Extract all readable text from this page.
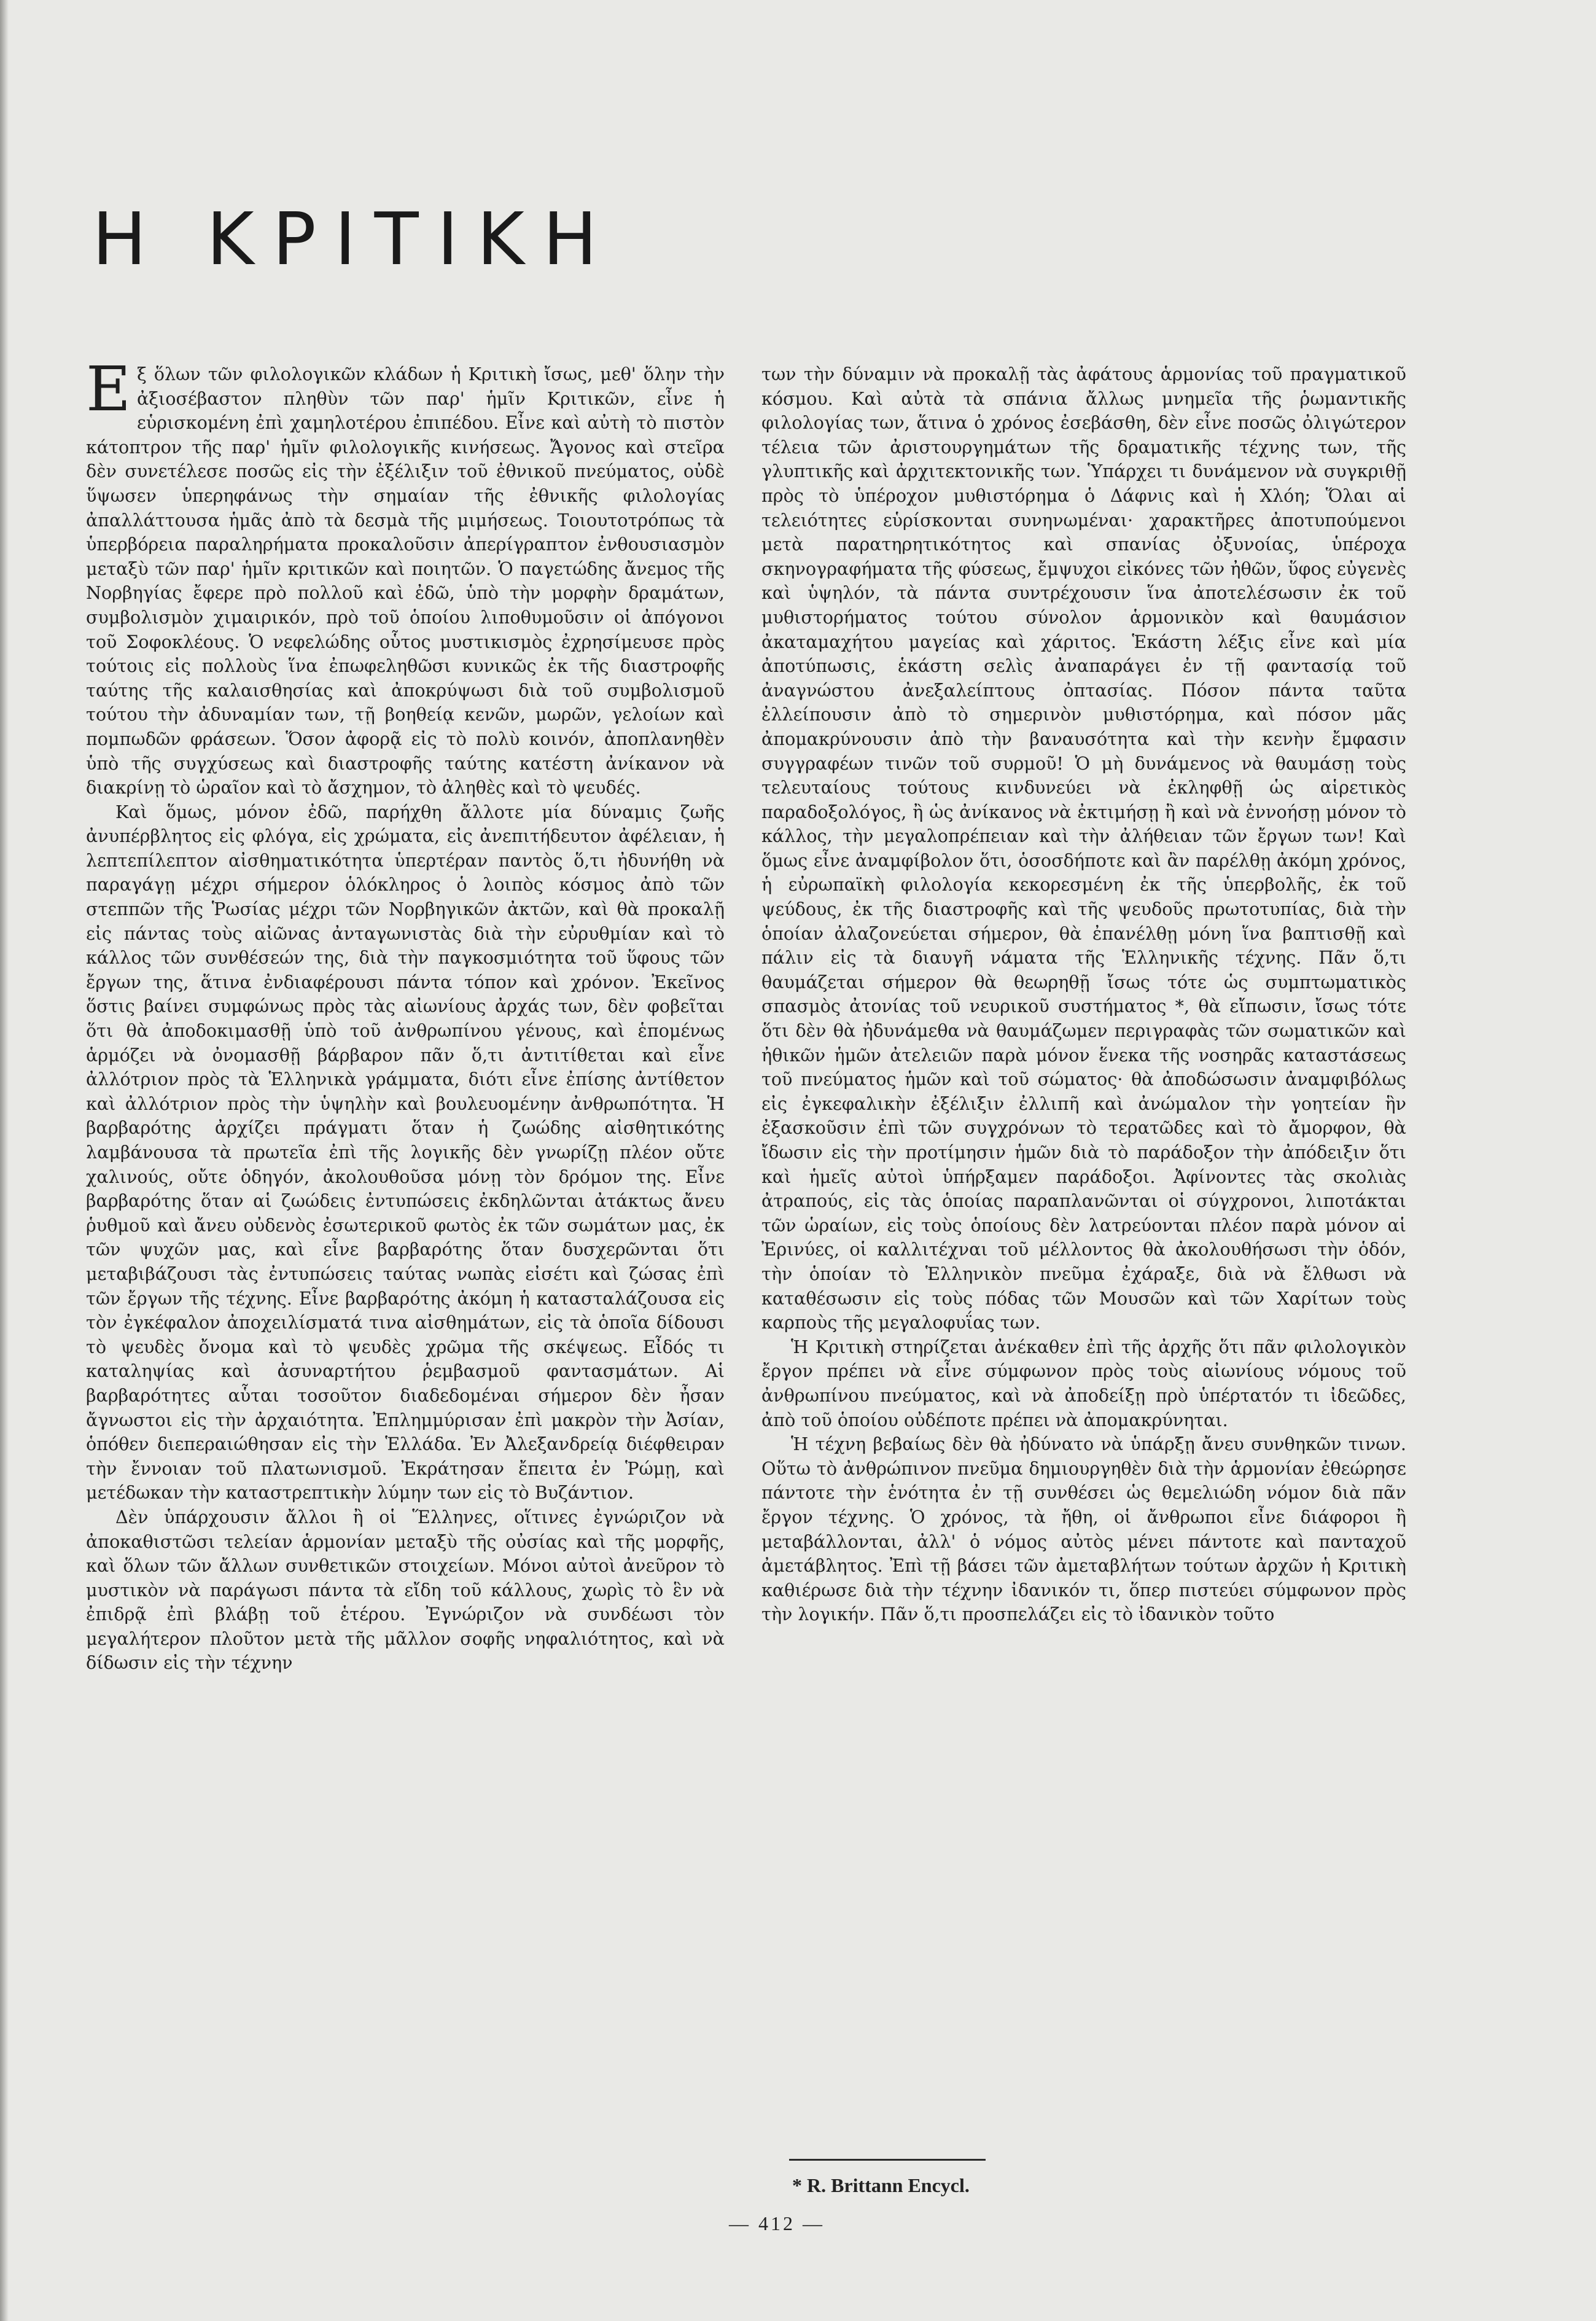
Η ΚΡΙΤΙΚΗ

Εξ ὅλων τῶν φιλολογικῶν κλάδων ἡ Κριτικὴ ἴσως, μεθ' ὅλην τὴν ἀξιοσέβαστον πληθὺν τῶν παρ' ἡμῖν Κριτικῶν, εἶνε ἡ εὑρισκομένη ἐπὶ χαμηλοτέρου ἐπιπέδου. Εἶνε καὶ αὐτὴ τὸ πιστὸν κάτοπτρον τῆς παρ' ἡμῖν φιλολογικῆς κινήσεως. Ἄγονος καὶ στεῖρα δὲν συνετέλεσε ποσῶς εἰς τὴν ἐξέλιξιν τοῦ ἐθνικοῦ πνεύματος, οὐδὲ ὕψωσεν ὑπερηφάνως τὴν σημαίαν τῆς ἐθνικῆς φιλολογίας ἀπαλλάττουσα ἡμᾶς ἀπὸ τὰ δεσμὰ τῆς μιμήσεως. Τοιουτοτρόπως τὰ ὑπερβόρεια παραληρήματα προκαλοῦσιν ἀπερίγραπτον ἐνθουσιασμὸν μεταξὺ τῶν παρ' ἡμῖν κριτικῶν καὶ ποιητῶν. Ὁ παγετώδης ἄνεμος τῆς Νορβηγίας ἔφερε πρὸ πολλοῦ καὶ ἐδῶ, ὑπὸ τὴν μορφὴν δραμάτων, συμβολισμὸν χιμαιρικόν, πρὸ τοῦ ὁποίου λιποθυμοῦσιν οἱ ἀπόγονοι τοῦ Σοφοκλέους. Ὁ νεφελώδης οὗτος μυστικισμὸς ἐχρησίμευσε πρὸς τούτοις εἰς πολλοὺς ἵνα ἐπωφεληθῶσι κυνικῶς ἐκ τῆς διαστροφῆς ταύτης τῆς καλαισθησίας καὶ ἀποκρύψωσι διὰ τοῦ συμβολισμοῦ τούτου τὴν ἀδυναμίαν των, τῇ βοηθείᾳ κενῶν, μωρῶν, γελοίων καὶ πομπωδῶν φράσεων. Ὅσον ἀφορᾷ εἰς τὸ πολὺ κοινόν, ἀποπλανηθὲν ὑπὸ τῆς συγχύσεως καὶ διαστροφῆς ταύτης κατέστη ἀνίκανον νὰ διακρίνῃ τὸ ὡραῖον καὶ τὸ ἄσχημον, τὸ ἀληθὲς καὶ τὸ ψευδές.

Καὶ ὅμως, μόνον ἐδῶ, παρήχθη ἄλλοτε μία δύναμις ζωῆς ἀνυπέρβλητος εἰς φλόγα, εἰς χρώματα, εἰς ἀνεπιτήδευτον ἀφέλειαν, ἡ λεπτεπίλεπτον αἰσθηματικότητα ὑπερτέραν παντὸς ὅ,τι ἠδυνήθη νὰ παραγάγῃ μέχρι σήμερον ὁλόκληρος ὁ λοιπὸς κόσμος ἀπὸ τῶν στεππῶν τῆς Ῥωσίας μέχρι τῶν Νορβηγικῶν ἀκτῶν, καὶ θὰ προκαλῇ εἰς πάντας τοὺς αἰῶνας ἀνταγωνιστὰς διὰ τὴν εὐρυθμίαν καὶ τὸ κάλλος τῶν συνθέσεών της, διὰ τὴν παγκοσμιότητα τοῦ ὕφους τῶν ἔργων της, ἅτινα ἐνδιαφέρουσι πάντα τόπον καὶ χρόνον. Ἐκεῖνος ὅστις βαίνει συμφώνως πρὸς τὰς αἰωνίους ἀρχάς των, δὲν φοβεῖται ὅτι θὰ ἀποδοκιμασθῇ ὑπὸ τοῦ ἀνθρωπίνου γένους, καὶ ἑπομένως ἁρμόζει νὰ ὀνομασθῇ βάρβαρον πᾶν ὅ,τι ἀντιτίθεται καὶ εἶνε ἀλλότριον πρὸς τὰ Ἑλληνικὰ γράμματα, διότι εἶνε ἐπίσης ἀντίθετον καὶ ἀλλότριον πρὸς τὴν ὑψηλὴν καὶ βουλευομένην ἀνθρωπότητα. Ἡ βαρβαρότης ἀρχίζει πράγματι ὅταν ἡ ζωώδης αἰσθητικότης λαμβάνουσα τὰ πρωτεῖα ἐπὶ τῆς λογικῆς δὲν γνωρίζῃ πλέον οὔτε χαλινούς, οὔτε ὁδηγόν, ἀκολουθοῦσα μόνῃ τὸν δρόμον της. Εἶνε βαρβαρότης ὅταν αἱ ζωώδεις ἐντυπώσεις ἐκδηλῶνται ἀτάκτως ἄνευ ῥυθμοῦ καὶ ἄνευ οὐδενὸς ἐσωτερικοῦ φωτὸς ἐκ τῶν σωμάτων μας, ἐκ τῶν ψυχῶν μας, καὶ εἶνε βαρβαρότης ὅταν δυσχερῶνται ὅτι μεταβιβάζουσι τὰς ἐντυπώσεις ταύτας νωπὰς εἰσέτι καὶ ζώσας ἐπὶ τῶν ἔργων τῆς τέχνης. Εἶνε βαρβαρότης ἀκόμη ἡ κατασταλάζουσα εἰς τὸν ἐγκέφαλον ἀποχειλίσματά τινα αἰσθημάτων, εἰς τὰ ὁποῖα δίδουσι τὸ ψευδὲς ὄνομα καὶ τὸ ψευδὲς χρῶμα τῆς σκέψεως. Εἶδός τι καταληψίας καὶ ἀσυναρτήτου ῥεμβασμοῦ φαντασμάτων. Αἱ βαρβαρότητες αὗται τοσοῦτον διαδεδομέναι σήμερον δὲν ἦσαν ἄγνωστοι εἰς τὴν ἀρχαιότητα. Ἐπλημμύρισαν ἐπὶ μακρὸν τὴν Ἀσίαν, ὁπόθεν διεπεραιώθησαν εἰς τὴν Ἑλλάδα. Ἐν Ἀλεξανδρείᾳ διέφθειραν τὴν ἔννοιαν τοῦ πλατωνισμοῦ. Ἐκράτησαν ἔπειτα ἐν Ῥώμῃ, καὶ μετέδωκαν τὴν καταστρεπτικὴν λύμην των εἰς τὸ Βυζάντιον.

Δὲν ὑπάρχουσιν ἄλλοι ἢ οἱ Ἕλληνες, οἵτινες ἐγνώριζον νὰ ἀποκαθιστῶσι τελείαν ἁρμονίαν μεταξὺ τῆς οὐσίας καὶ τῆς μορφῆς, καὶ ὅλων τῶν ἄλλων συνθετικῶν στοιχείων. Μόνοι αὐτοὶ ἀνεῦρον τὸ μυστικὸν νὰ παράγωσι πάντα τὰ εἴδη τοῦ κάλλους, χωρὶς τὸ ἓν νὰ ἐπιδρᾷ ἐπὶ βλάβῃ τοῦ ἑτέρου. Ἐγνώριζον νὰ συνδέωσι τὸν μεγαλήτερον πλοῦτον μετὰ τῆς μᾶλλον σοφῆς νηφαλιότητος, καὶ νὰ δίδωσιν εἰς τὴν τέχνην

των τὴν δύναμιν νὰ προκαλῇ τὰς ἀφάτους ἁρμονίας τοῦ πραγματικοῦ κόσμου. Καὶ αὐτὰ τὰ σπάνια ἄλλως μνημεῖα τῆς ῥωμαντικῆς φιλολογίας των, ἅτινα ὁ χρόνος ἐσεβάσθη, δὲν εἶνε ποσῶς ὀλιγώτερον τέλεια τῶν ἀριστουργημάτων τῆς δραματικῆς τέχνης των, τῆς γλυπτικῆς καὶ ἀρχιτεκτονικῆς των. Ὑπάρχει τι δυνάμενον νὰ συγκριθῇ πρὸς τὸ ὑπέροχον μυθιστόρημα ὁ Δάφνις καὶ ἡ Χλόη; Ὅλαι αἱ τελειότητες εὑρίσκονται συνηνωμέναι· χαρακτῆρες ἀποτυπούμενοι μετὰ παρατηρητικότητος καὶ σπανίας ὀξυνοίας, ὑπέροχα σκηνογραφήματα τῆς φύσεως, ἔμψυχοι εἰκόνες τῶν ἠθῶν, ὕφος εὐγενὲς καὶ ὑψηλόν, τὰ πάντα συντρέχουσιν ἵνα ἀποτελέσωσιν ἐκ τοῦ μυθιστορήματος τούτου σύνολον ἁρμονικὸν καὶ θαυμάσιον ἀκαταμαχήτου μαγείας καὶ χάριτος. Ἑκάστη λέξις εἶνε καὶ μία ἀποτύπωσις, ἑκάστη σελὶς ἀναπαράγει ἐν τῇ φαντασίᾳ τοῦ ἀναγνώστου ἀνεξαλείπτους ὀπτασίας. Πόσον πάντα ταῦτα ἐλλείπουσιν ἀπὸ τὸ σημερινὸν μυθιστόρημα, καὶ πόσον μᾶς ἀπομακρύνουσιν ἀπὸ τὴν βαναυσότητα καὶ τὴν κενὴν ἔμφασιν συγγραφέων τινῶν τοῦ συρμοῦ! Ὁ μὴ δυνάμενος νὰ θαυμάσῃ τοὺς τελευταίους τούτους κινδυνεύει νὰ ἐκληφθῇ ὡς αἱρετικὸς παραδοξολόγος, ἢ ὡς ἀνίκανος νὰ ἐκτιμήσῃ ἢ καὶ νὰ ἐννοήσῃ μόνον τὸ κάλλος, τὴν μεγαλοπρέπειαν καὶ τὴν ἀλήθειαν τῶν ἔργων των! Καὶ ὅμως εἶνε ἀναμφίβολον ὅτι, ὁσοσδήποτε καὶ ἂν παρέλθῃ ἀκόμη χρόνος, ἡ εὐρωπαϊκὴ φιλολογία κεκορεσμένη ἐκ τῆς ὑπερβολῆς, ἐκ τοῦ ψεύδους, ἐκ τῆς διαστροφῆς καὶ τῆς ψευδοῦς πρωτοτυπίας, διὰ τὴν ὁποίαν ἀλαζονεύεται σήμερον, θὰ ἐπανέλθῃ μόνη ἵνα βαπτισθῇ καὶ πάλιν εἰς τὰ διαυγῆ νάματα τῆς Ἑλληνικῆς τέχνης. Πᾶν ὅ,τι θαυμάζεται σήμερον θὰ θεωρηθῇ ἴσως τότε ὡς συμπτωματικὸς σπασμὸς ἀτονίας τοῦ νευρικοῦ συστήματος *, θὰ εἴπωσιν, ἴσως τότε ὅτι δὲν θὰ ἠδυνάμεθα νὰ θαυμάζωμεν περιγραφὰς τῶν σωματικῶν καὶ ἠθικῶν ἡμῶν ἀτελειῶν παρὰ μόνον ἕνεκα τῆς νοσηρᾶς καταστάσεως τοῦ πνεύματος ἡμῶν καὶ τοῦ σώματος· θὰ ἀποδώσωσιν ἀναμφιβόλως εἰς ἐγκεφαλικὴν ἐξέλιξιν ἐλλιπῆ καὶ ἀνώμαλον τὴν γοητείαν ἣν ἐξασκοῦσιν ἐπὶ τῶν συγχρόνων τὸ τερατῶδες καὶ τὸ ἄμορφον, θὰ ἴδωσιν εἰς τὴν προτίμησιν ἡμῶν διὰ τὸ παράδοξον τὴν ἀπόδειξιν ὅτι καὶ ἡμεῖς αὐτοὶ ὑπήρξαμεν παράδοξοι. Ἀφίνοντες τὰς σκολιὰς ἀτραπούς, εἰς τὰς ὁποίας παραπλανῶνται οἱ σύγχρονοι, λιποτάκται τῶν ὡραίων, εἰς τοὺς ὁποίους δὲν λατρεύονται πλέον παρὰ μόνον αἱ Ἐρινύες, οἱ καλλιτέχναι τοῦ μέλλοντος θὰ ἀκολουθήσωσι τὴν ὁδόν, τὴν ὁποίαν τὸ Ἑλληνικὸν πνεῦμα ἐχάραξε, διὰ νὰ ἔλθωσι νὰ καταθέσωσιν εἰς τοὺς πόδας τῶν Μουσῶν καὶ τῶν Χαρίτων τοὺς καρποὺς τῆς μεγαλοφυΐας των.

Ἡ Κριτικὴ στηρίζεται ἀνέκαθεν ἐπὶ τῆς ἀρχῆς ὅτι πᾶν φιλολογικὸν ἔργον πρέπει νὰ εἶνε σύμφωνον πρὸς τοὺς αἰωνίους νόμους τοῦ ἀνθρωπίνου πνεύματος, καὶ νὰ ἀποδείξῃ πρὸ ὑπέρτατόν τι ἰδεῶδες, ἀπὸ τοῦ ὁποίου οὐδέποτε πρέπει νὰ ἀπομακρύνηται.

Ἡ τέχνη βεβαίως δὲν θὰ ἠδύνατο νὰ ὑπάρξῃ ἄνευ συνθηκῶν τινων. Οὕτω τὸ ἀνθρώπινον πνεῦμα δημιουργηθὲν διὰ τὴν ἁρμονίαν ἐθεώρησε πάντοτε τὴν ἑνότητα ἐν τῇ συνθέσει ὡς θεμελιώδη νόμον διὰ πᾶν ἔργον τέχνης. Ὁ χρόνος, τὰ ἤθη, οἱ ἄνθρωποι εἶνε διάφοροι ἢ μεταβάλλονται, ἀλλ' ὁ νόμος αὐτὸς μένει πάντοτε καὶ πανταχοῦ ἀμετάβλητος. Ἐπὶ τῇ βάσει τῶν ἀμεταβλήτων τούτων ἀρχῶν ἡ Κριτικὴ καθιέρωσε διὰ τὴν τέχνην ἰδανικόν τι, ὅπερ πιστεύει σύμφωνον πρὸς τὴν λογικήν. Πᾶν ὅ,τι προσπελάζει εἰς τὸ ἰδανικὸν τοῦτο

* R. Brittann Encycl.
— 412 —
